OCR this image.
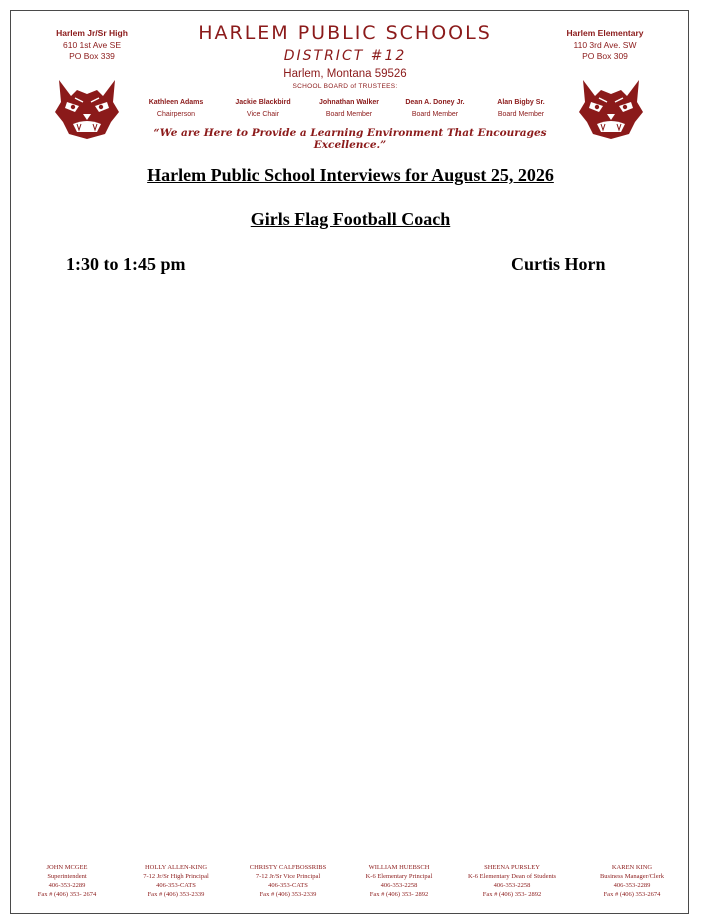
Harlem Jr/Sr High
610 1st Ave SE
PO Box 339
Harlem Elementary
110 3rd Ave. SW
PO Box 309
HARLEM PUBLIC SCHOOLS
DISTRICT #12
Harlem, Montana 59526
SCHOOL BOARD of TRUSTEES:
Kathleen Adams
Chairperson
Jackie Blackbird
Vice Chair
Johnathan Walker
Board Member
Dean A. Doney Jr.
Board Member
Alan Bigby Sr.
Board Member
“We are Here to Provide a Learning Environment That Encourages Excellence.”
Harlem Public School Interviews for August 25, 2026
Girls Flag Football Coach
1:30 to 1:45 pm	Curtis Horn
JOHN MCGEE
Superintendent
406-353-2289
Fax # (406) 353- 2674
HOLLY ALLEN-KING
7-12 Jr/Sr High Principal
406-353-CATS
Fax # (406) 353-2339
CHRISTY CALFBOSSRIBS
7-12 Jr/Sr Vice Principal
406-353-CATS
Fax # (406) 353-2339
WILLIAM HUEBSCH
K-6 Elementary Principal
406-353-2258
Fax # (406) 353- 2892
SHEENA PURSLEY
K-6 Elementary Dean of Students
406-353-2258
Fax # (406) 353- 2892
KAREN KING
Business Manager/Clerk
406-353-2289
Fax # (406) 353-2674
